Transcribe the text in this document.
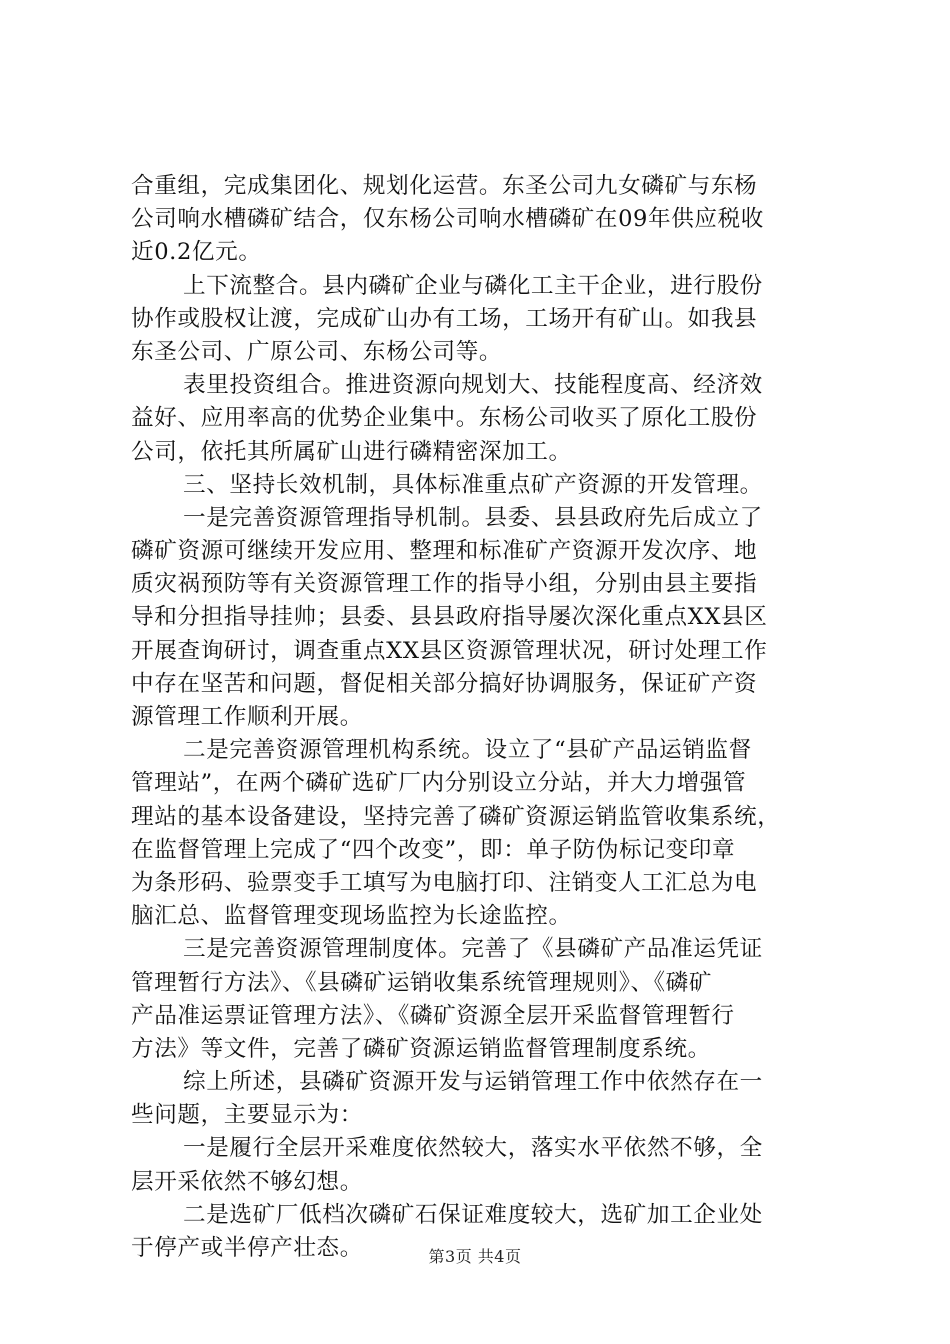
合重组，完成集团化、规划化运营。东圣公司九女磷矿与东杨
公司响水槽磷矿结合，仅东杨公司响水槽磷矿在09年供应税收
近0.2亿元。
上下流整合。县内磷矿企业与磷化工主干企业，进行股份
协作或股权让渡，完成矿山办有工场，工场开有矿山。如我县
东圣公司、广原公司、东杨公司等。
表里投资组合。推进资源向规划大、技能程度高、经济效
益好、应用率高的优势企业集中。东杨公司收买了原化工股份
公司，依托其所属矿山进行磷精密深加工。
三、坚持长效机制，具体标准重点矿产资源的开发管理。
一是完善资源管理指导机制。县委、县县政府先后成立了
磷矿资源可继续开发应用、整理和标准矿产资源开发次序、地
质灾祸预防等有关资源管理工作的指导小组，分别由县主要指
导和分担指导挂帅；县委、县县政府指导屡次深化重点XX县区
开展查询研讨，调查重点XX县区资源管理状况，研讨处理工作
中存在坚苦和问题，督促相关部分搞好协调服务，保证矿产资
源管理工作顺利开展。
二是完善资源管理机构系统。设立了“县矿产品运销监督
管理站”，在两个磷矿选矿厂内分别设立分站，并大力增强管
理站的基本设备建设，坚持完善了磷矿资源运销监管收集系统，
在监督管理上完成了“四个改变”，即：单子防伪标记变印章
为条形码、验票变手工填写为电脑打印、注销变人工汇总为电
脑汇总、监督管理变现场监控为长途监控。
三是完善资源管理制度体。完善了《县磷矿产品准运凭证
管理暂行方法》、《县磷矿运销收集系统管理规则》、《磷矿
产品准运票证管理方法》、《磷矿资源全层开采监督管理暂行
方法》等文件，完善了磷矿资源运销监督管理制度系统。
综上所述，县磷矿资源开发与运销管理工作中依然存在一
些问题，主要显示为：
一是履行全层开采难度依然较大，落实水平依然不够，全
层开采依然不够幻想。
二是选矿厂低档次磷矿石保证难度较大，选矿加工企业处
于停产或半停产壮态。	第3页 共4页
